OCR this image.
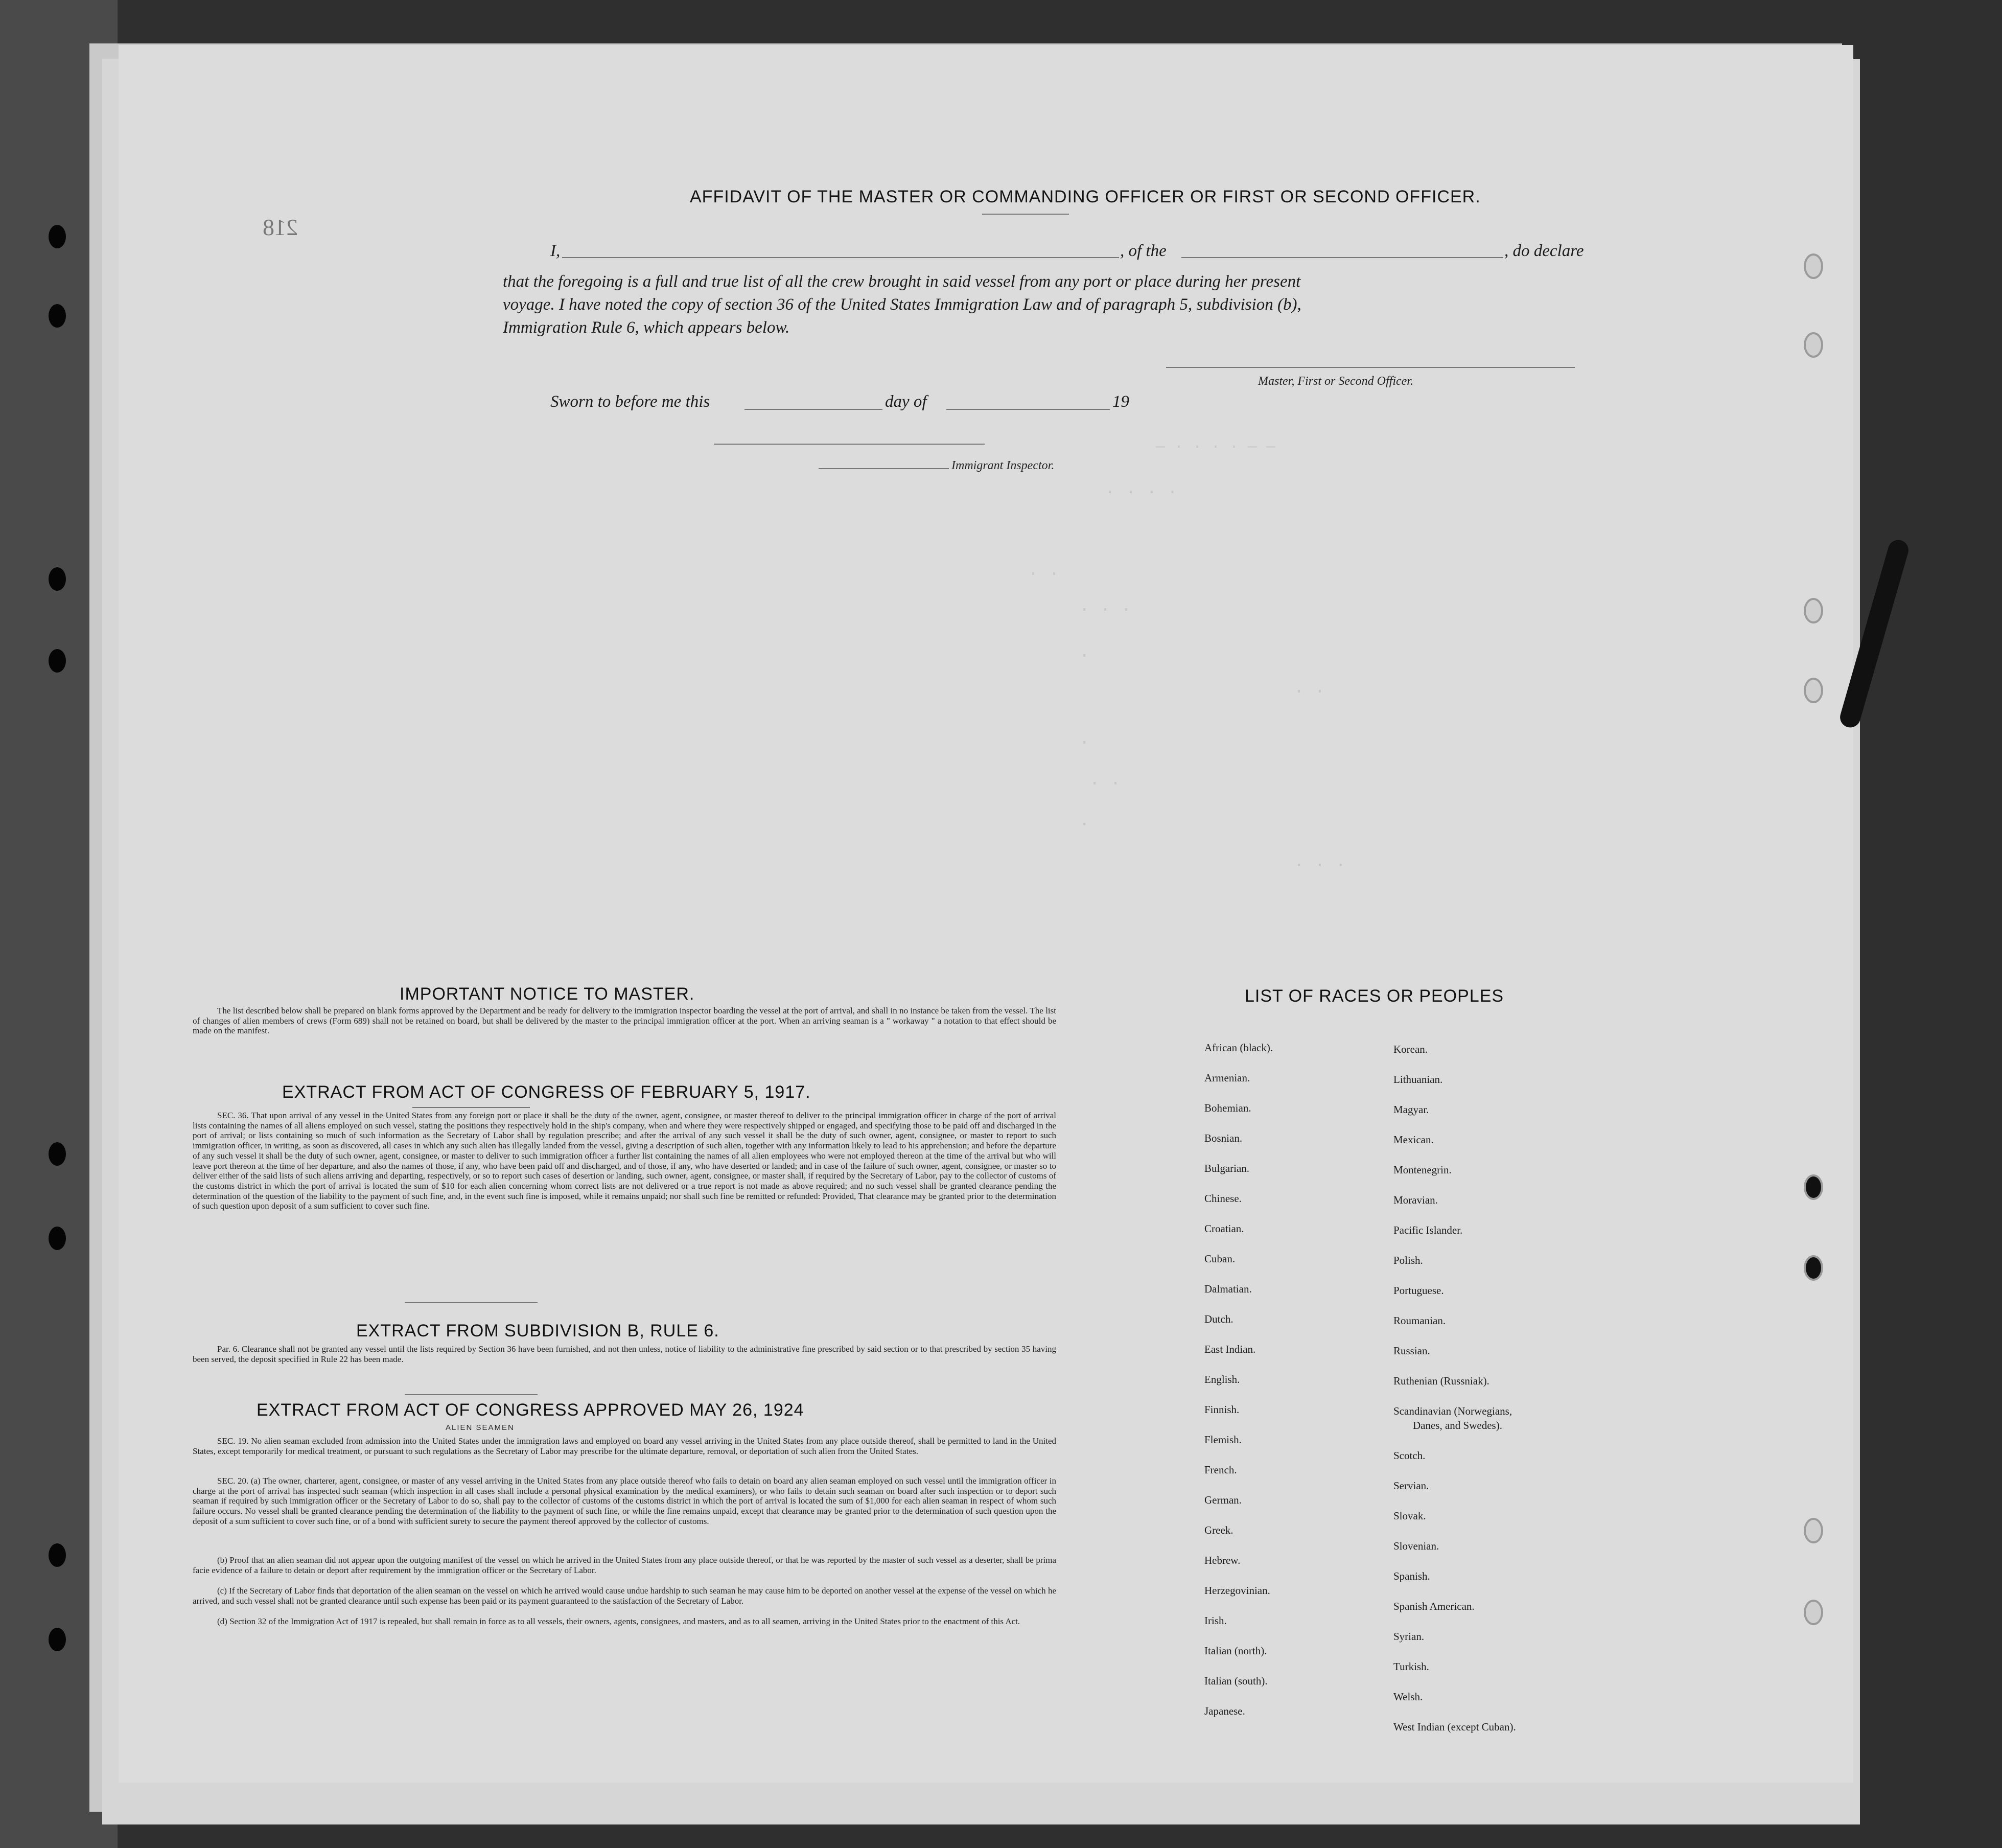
218
AFFIDAVIT OF THE MASTER OR COMMANDING OFFICER OR FIRST OR SECOND OFFICER.
I,	, of the	, do declare
that the foregoing is a full and true list of all the crew brought in said vessel from any port or place during her present
voyage. I have noted the copy of section 36 of the United States Immigration Law and of paragraph 5, subdivision (b),
Immigration Rule 6, which appears below.
Master, First or Second Officer.
Sworn to before me this	day of	19
Immigrant Inspector.
— · · · · — —
. . . .
. .
. . .
.
. .
.
. .
.
. . .
IMPORTANT NOTICE TO MASTER.
The list described below shall be prepared on blank forms approved by the Department and be ready for delivery to the immigration inspector boarding the vessel at the port of arrival, and shall in no instance be taken from the vessel. The list of changes of alien members of crews (Form 689) shall not be retained on board, but shall be delivered by the master to the principal immigration officer at the port. When an arriving seaman is a " workaway " a notation to that effect should be made on the manifest.
EXTRACT FROM ACT OF CONGRESS OF FEBRUARY 5, 1917.
SEC. 36. That upon arrival of any vessel in the United States from any foreign port or place it shall be the duty of the owner, agent, consignee, or master thereof to deliver to the principal immigration officer in charge of the port of arrival lists containing the names of all aliens employed on such vessel, stating the positions they respectively hold in the ship's company, when and where they were respectively shipped or engaged, and specifying those to be paid off and discharged in the port of arrival; or lists containing so much of such information as the Secretary of Labor shall by regulation prescribe; and after the arrival of any such vessel it shall be the duty of such owner, agent, consignee, or master to report to such immigration officer, in writing, as soon as discovered, all cases in which any such alien has illegally landed from the vessel, giving a description of such alien, together with any information likely to lead to his apprehension; and before the departure of any such vessel it shall be the duty of such owner, agent, consignee, or master to deliver to such immigration officer a further list containing the names of all alien employees who were not employed thereon at the time of the arrival but who will leave port thereon at the time of her departure, and also the names of those, if any, who have been paid off and discharged, and of those, if any, who have deserted or landed; and in case of the failure of such owner, agent, consignee, or master so to deliver either of the said lists of such aliens arriving and departing, respectively, or so to report such cases of desertion or landing, such owner, agent, consignee, or master shall, if required by the Secretary of Labor, pay to the collector of customs of the customs district in which the port of arrival is located the sum of $10 for each alien concerning whom correct lists are not delivered or a true report is not made as above required; and no such vessel shall be granted clearance pending the determination of the question of the liability to the payment of such fine, and, in the event such fine is imposed, while it remains unpaid; nor shall such fine be remitted or refunded: Provided, That clearance may be granted prior to the determination of such question upon deposit of a sum sufficient to cover such fine.
EXTRACT FROM SUBDIVISION B, RULE 6.
Par. 6. Clearance shall not be granted any vessel until the lists required by Section 36 have been furnished, and not then unless, notice of liability to the administrative fine prescribed by said section or to that prescribed by section 35 having been served, the deposit specified in Rule 22 has been made.
EXTRACT FROM ACT OF CONGRESS APPROVED MAY 26, 1924
ALIEN SEAMEN
SEC. 19. No alien seaman excluded from admission into the United States under the immigration laws and employed on board any vessel arriving in the United States from any place outside thereof, shall be permitted to land in the United States, except temporarily for medical treatment, or pursuant to such regulations as the Secretary of Labor may prescribe for the ultimate departure, removal, or deportation of such alien from the United States.
SEC. 20. (a) The owner, charterer, agent, consignee, or master of any vessel arriving in the United States from any place outside thereof who fails to detain on board any alien seaman employed on such vessel until the immigration officer in charge at the port of arrival has inspected such seaman (which inspection in all cases shall include a personal physical examination by the medical examiners), or who fails to detain such seaman on board after such inspection or to deport such seaman if required by such immigration officer or the Secretary of Labor to do so, shall pay to the collector of customs of the customs district in which the port of arrival is located the sum of $1,000 for each alien seaman in respect of whom such failure occurs. No vessel shall be granted clearance pending the determination of the liability to the payment of such fine, or while the fine remains unpaid, except that clearance may be granted prior to the determination of such question upon the deposit of a sum sufficient to cover such fine, or of a bond with sufficient surety to secure the payment thereof approved by the collector of customs.
(b) Proof that an alien seaman did not appear upon the outgoing manifest of the vessel on which he arrived in the United States from any place outside thereof, or that he was reported by the master of such vessel as a deserter, shall be prima facie evidence of a failure to detain or deport after requirement by the immigration officer or the Secretary of Labor.
(c) If the Secretary of Labor finds that deportation of the alien seaman on the vessel on which he arrived would cause undue hardship to such seaman he may cause him to be deported on another vessel at the expense of the vessel on which he arrived, and such vessel shall not be granted clearance until such expense has been paid or its payment guaranteed to the satisfaction of the Secretary of Labor.
(d) Section 32 of the Immigration Act of 1917 is repealed, but shall remain in force as to all vessels, their owners, agents, consignees, and masters, and as to all seamen, arriving in the United States prior to the enactment of this Act.
LIST OF RACES OR PEOPLES
African (black).
Armenian.
Bohemian.
Bosnian.
Bulgarian.
Chinese.
Croatian.
Cuban.
Dalmatian.
Dutch.
East Indian.
English.
Finnish.
Flemish.
French.
German.
Greek.
Hebrew.
Herzegovinian.
Irish.
Italian (north).
Italian (south).
Japanese.
Korean.
Lithuanian.
Magyar.
Mexican.
Montenegrin.
Moravian.
Pacific Islander.
Polish.
Portuguese.
Roumanian.
Russian.
Ruthenian (Russniak).
Scandinavian (Norwegians,
Danes, and Swedes).
Scotch.
Servian.
Slovak.
Slovenian.
Spanish.
Spanish American.
Syrian.
Turkish.
Welsh.
West Indian (except Cuban).
